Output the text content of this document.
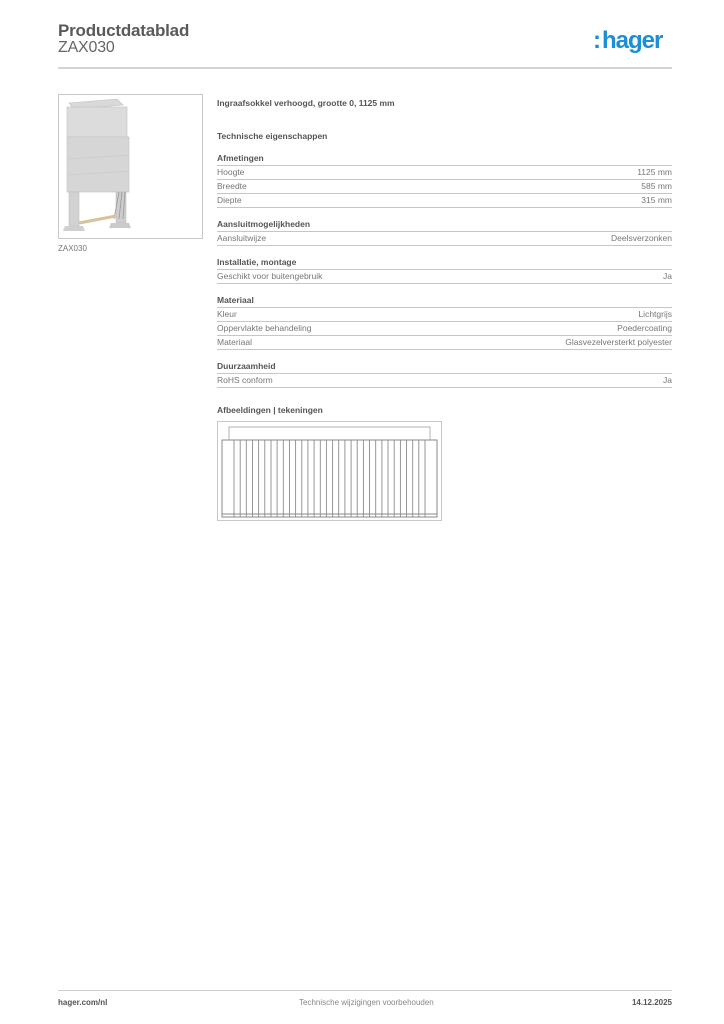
Productdatablad
ZAX030	:hager
ZAX030
Ingraafsokkel verhoogd, grootte 0, 1125 mm
Technische eigenschappen
Afmetingen
Hoogte	1125 mm
Breedte	585 mm
Diepte	315 mm
Aansluitmogelijkheden
Aansluitwijze	Deelsverzonken
Installatie, montage
Geschikt voor buitengebruik	Ja
Materiaal
Kleur	Lichtgrijs
Oppervlakte behandeling	Poedercoating
Materiaal	Glasvezelversterkt polyester
Duurzaamheid
RoHS conform	Ja
Afbeeldingen | tekeningen
hager.com/nl	Technische wijzigingen voorbehouden	14.12.2025
